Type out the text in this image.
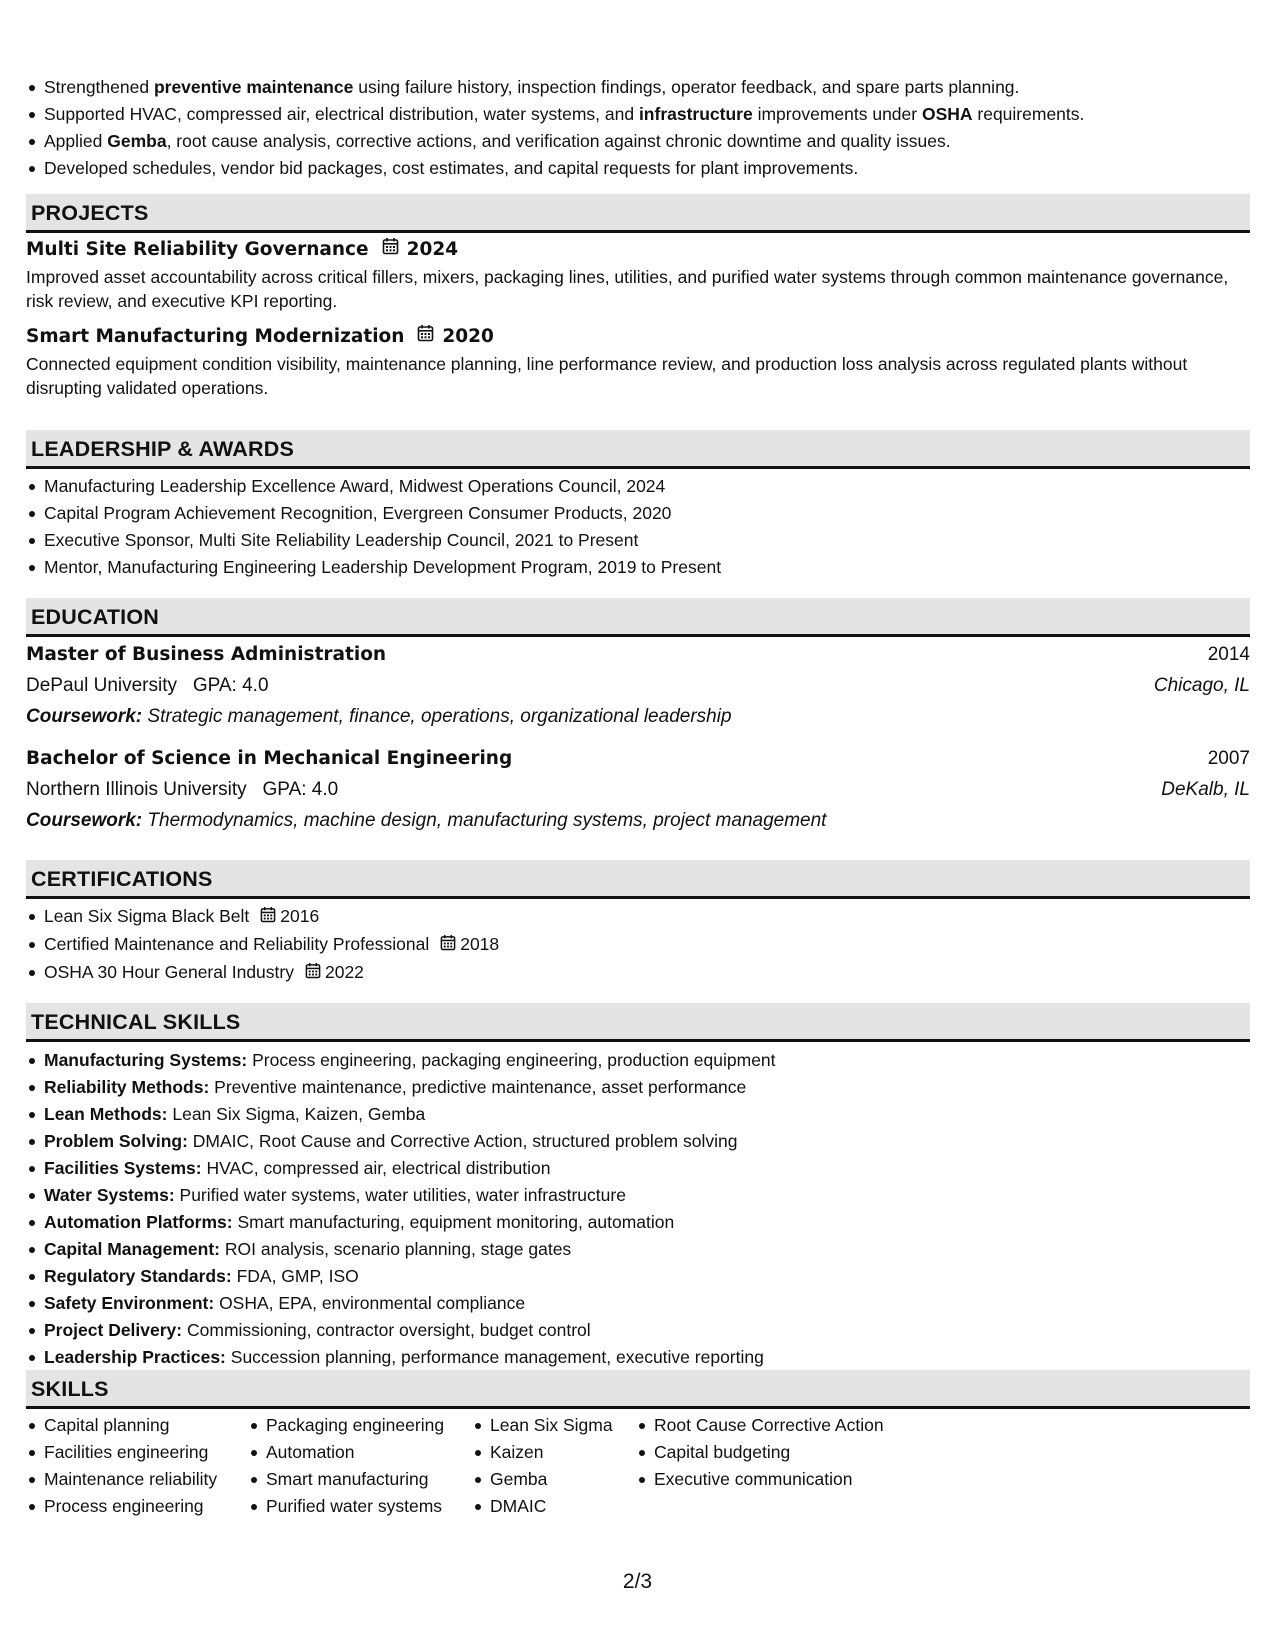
Strengthened preventive maintenance using failure history, inspection findings, operator feedback, and spare parts planning.
Supported HVAC, compressed air, electrical distribution, water systems, and infrastructure improvements under OSHA requirements.
Applied Gemba, root cause analysis, corrective actions, and verification against chronic downtime and quality issues.
Developed schedules, vendor bid packages, cost estimates, and capital requests for plant improvements.
PROJECTS
Multi Site Reliability Governance 2024
Improved asset accountability across critical fillers, mixers, packaging lines, utilities, and purified water systems through common maintenance governance, risk review, and executive KPI reporting.
Smart Manufacturing Modernization 2020
Connected equipment condition visibility, maintenance planning, line performance review, and production loss analysis across regulated plants without disrupting validated operations.
LEADERSHIP & AWARDS
Manufacturing Leadership Excellence Award, Midwest Operations Council, 2024
Capital Program Achievement Recognition, Evergreen Consumer Products, 2020
Executive Sponsor, Multi Site Reliability Leadership Council, 2021 to Present
Mentor, Manufacturing Engineering Leadership Development Program, 2019 to Present
EDUCATION
Master of Business Administration	2014
DePaul University GPA: 4.0	Chicago, IL
Coursework: Strategic management, finance, operations, organizational leadership
Bachelor of Science in Mechanical Engineering	2007
Northern Illinois University GPA: 4.0	DeKalb, IL
Coursework: Thermodynamics, machine design, manufacturing systems, project management
CERTIFICATIONS
Lean Six Sigma Black Belt 2016
Certified Maintenance and Reliability Professional 2018
OSHA 30 Hour General Industry 2022
TECHNICAL SKILLS
Manufacturing Systems: Process engineering, packaging engineering, production equipment
Reliability Methods: Preventive maintenance, predictive maintenance, asset performance
Lean Methods: Lean Six Sigma, Kaizen, Gemba
Problem Solving: DMAIC, Root Cause and Corrective Action, structured problem solving
Facilities Systems: HVAC, compressed air, electrical distribution
Water Systems: Purified water systems, water utilities, water infrastructure
Automation Platforms: Smart manufacturing, equipment monitoring, automation
Capital Management: ROI analysis, scenario planning, stage gates
Regulatory Standards: FDA, GMP, ISO
Safety Environment: OSHA, EPA, environmental compliance
Project Delivery: Commissioning, contractor oversight, budget control
Leadership Practices: Succession planning, performance management, executive reporting
SKILLS
Capital planning
Facilities engineering
Maintenance reliability
Process engineering
Packaging engineering
Automation
Smart manufacturing
Purified water systems
Lean Six Sigma
Kaizen
Gemba
DMAIC
Root Cause Corrective Action
Capital budgeting
Executive communication
2/3
